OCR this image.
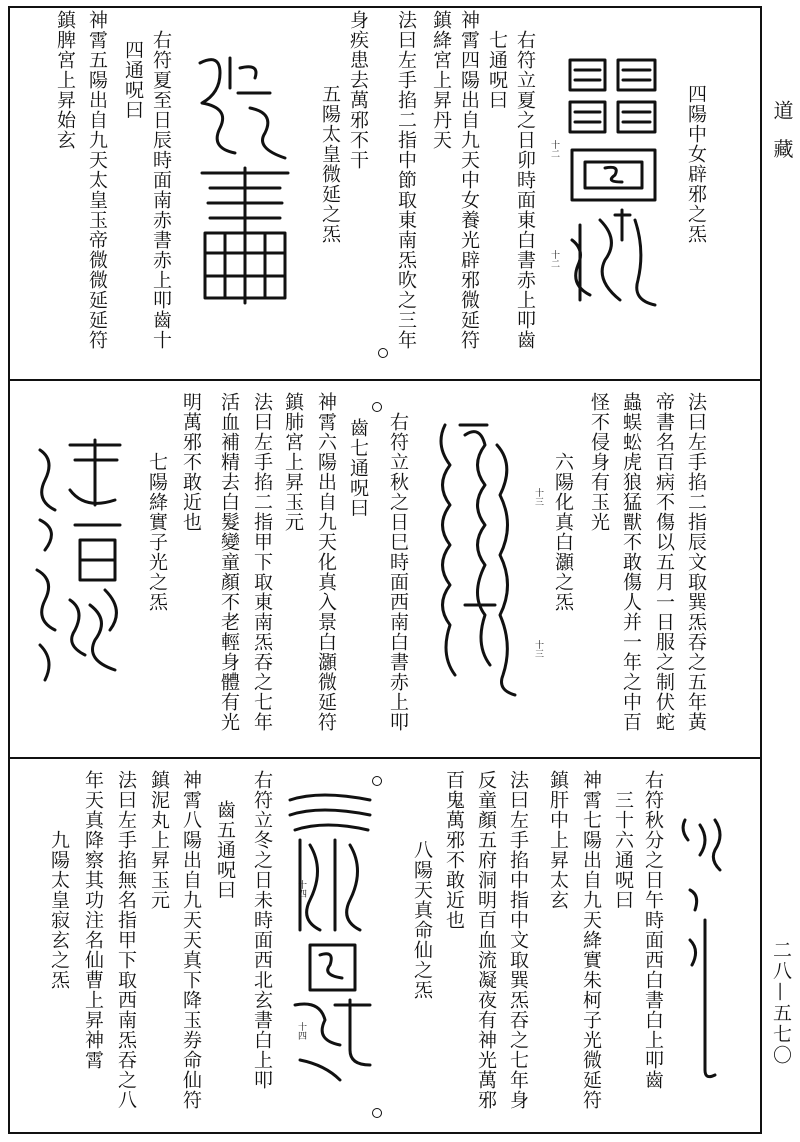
道 藏
二八—五七〇
四陽中女辟邪之炁
右符立夏之日卯時面東白書赤上叩齒
七通呪曰
神霄四陽出自九天中女養光辟邪微延符
鎮絳宮上昇丹天
法曰左手掐二指中節取東南炁吹之三年
身疾患去萬邪不干
五陽太皇微延之炁	十二
十二
右符夏至日辰時面南赤書赤上叩齒十
四通呪曰
神霄五陽出自九天太皇玉帝微微延延符
鎮脾宮上昇始玄
法曰左手掐二指辰文取巽炁吞之五年黃
帝書名百病不傷以五月一日服之制伏蛇
蟲蜈蚣虎狼猛獸不敢傷人并一年之中百
怪不侵身有玉光
六陽化真白灝之炁
十三
十三
右符立秋之日巳時面西南白書赤上叩
齒七通呪曰
神霄六陽出自九天化真入景白灝微延符
鎮肺宮上昇玉元
法曰左手掐二指甲下取東南炁吞之七年
活血補精去白髮變童顏不老輕身體有光
明萬邪不敢近也
七陽絳實子光之炁
右符秋分之日午時面西白書白上叩齒
三十六通呪曰
神霄七陽出自九天絳實朱柯子光微延符
鎮肝中上昇太玄
法曰左手掐中指中文取巽炁吞之七年身
反童顏五府洞明百血流凝夜有神光萬邪
百鬼萬邪不敢近也
八陽天真命仙之炁
十四
十四
右符立冬之日未時面西北玄書白上叩
齒五通呪曰
神霄八陽出自九天天真下降玉券命仙符
鎮泥丸上昇玉元
法曰左手掐無名指甲下取西南炁吞之八
年天真降察其功注名仙曹上昇神霄
九陽太皇寂玄之炁
